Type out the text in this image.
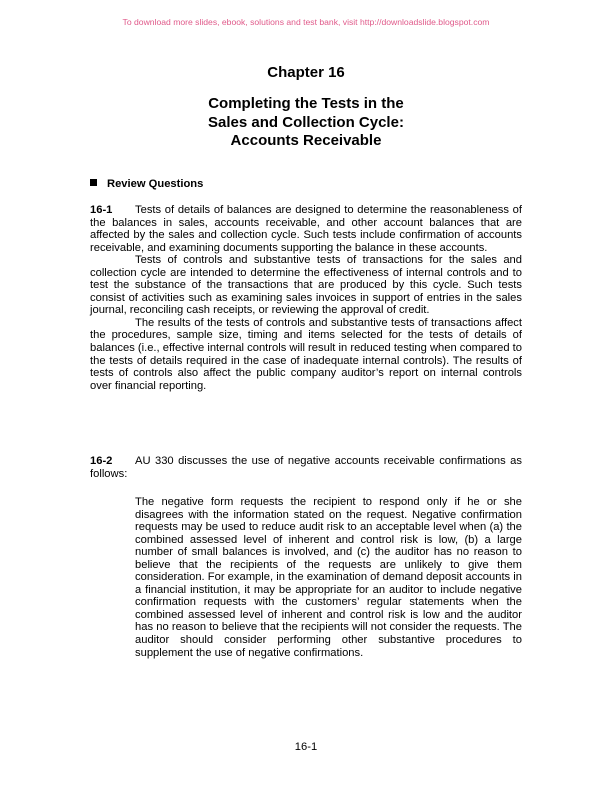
To download more slides, ebook, solutions and test bank, visit http://downloadslide.blogspot.com
Chapter 16
Completing the Tests in the
Sales and Collection Cycle:
Accounts Receivable
Review Questions

16-1 Tests of details of balances are designed to determine the reasonableness of the balances in sales, accounts receivable, and other account balances that are affected by the sales and collection cycle. Such tests include confirmation of accounts receivable, and examining documents supporting the balance in these accounts.

Tests of controls and substantive tests of transactions for the sales and collection cycle are intended to determine the effectiveness of internal controls and to test the substance of the transactions that are produced by this cycle. Such tests consist of activities such as examining sales invoices in support of entries in the sales journal, reconciling cash receipts, or reviewing the approval of credit.

The results of the tests of controls and substantive tests of transactions affect the procedures, sample size, timing and items selected for the tests of details of balances (i.e., effective internal controls will result in reduced testing when compared to the tests of details required in the case of inadequate internal controls). The results of tests of controls also affect the public company auditor’s report on internal controls over financial reporting.

16-2 AU 330 discusses the use of negative accounts receivable confirmations as follows:

The negative form requests the recipient to respond only if he or she disagrees with the information stated on the request. Negative confirmation requests may be used to reduce audit risk to an acceptable level when (a) the combined assessed level of inherent and control risk is low, (b) a large number of small balances is involved, and (c) the auditor has no reason to believe that the recipients of the requests are unlikely to give them consideration. For example, in the examination of demand deposit accounts in a financial institution, it may be appropriate for an auditor to include negative confirmation requests with the customers’ regular statements when the combined assessed level of inherent and control risk is low and the auditor has no reason to believe that the recipients will not consider the requests. The auditor should consider performing other substantive procedures to supplement the use of negative confirmations.
16-1
